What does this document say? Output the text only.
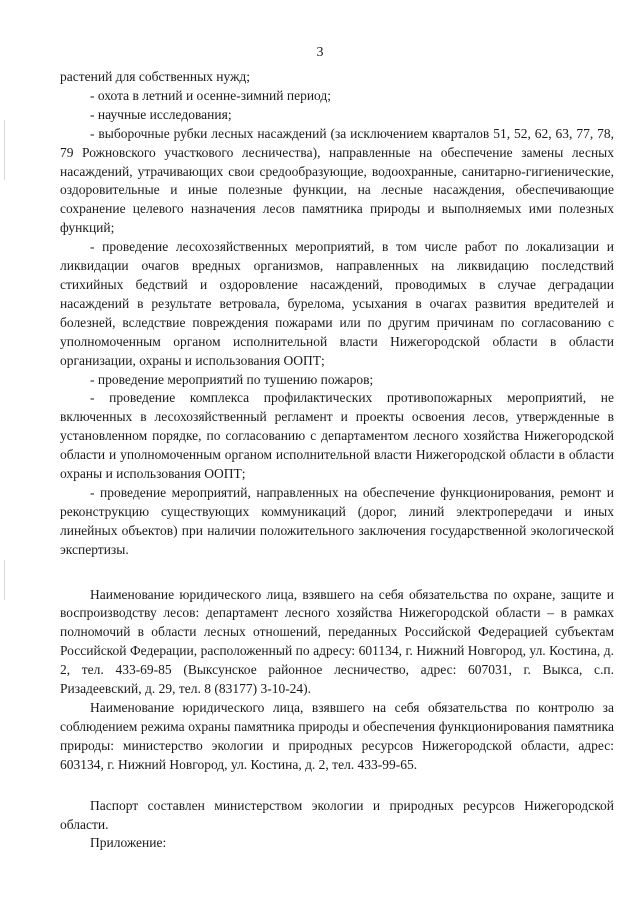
3

растений для собственных нужд;

- охота в летний и осенне-зимний период;

- научные исследования;

- выборочные рубки лесных насаждений (за исключением кварталов 51, 52, 62, 63, 77, 78, 79 Рожновского участкового лесничества), направленные на обеспечение замены лесных насаждений, утрачивающих свои средообразующие, водоохранные, санитарно-гигиенические, оздоровительные и иные полезные функции, на лесные насаждения, обеспечивающие сохранение целевого назначения лесов памятника природы и выполняемых ими полезных функций;

- проведение лесохозяйственных мероприятий, в том числе работ по локализации и ликвидации очагов вредных организмов, направленных на ликвидацию последствий стихийных бедствий и оздоровление насаждений, проводимых в случае деградации насаждений в результате ветровала, бурелома, усыхания в очагах развития вредителей и болезней, вследствие повреждения пожарами или по другим причинам по согласованию с уполномоченным органом исполнительной власти Нижегородской области в области организации, охраны и использования ООПТ;

- проведение мероприятий по тушению пожаров;

- проведение комплекса профилактических противопожарных мероприятий, не включенных в лесохозяйственный регламент и проекты освоения лесов, утвержденные в установленном порядке, по согласованию с департаментом лесного хозяйства Нижегородской области и уполномоченным органом исполнительной власти Нижегородской области в области охраны и использования ООПТ;

- проведение мероприятий, направленных на обеспечение функционирования, ремонт и реконструкцию существующих коммуникаций (дорог, линий электропередачи и иных линейных объектов) при наличии положительного заключения государственной экологической экспертизы.

Наименование юридического лица, взявшего на себя обязательства по охране, защите и воспроизводству лесов: департамент лесного хозяйства Нижегородской области – в рамках полномочий в области лесных отношений, переданных Российской Федерацией субъектам Российской Федерации, расположенный по адресу: 601134, г. Нижний Новгород, ул. Костина, д. 2, тел. 433-69-85 (Выксунское районное лесничество, адрес: 607031, г. Выкса, с.п. Ризадеевский, д. 29, тел. 8 (83177) 3-10-24).

Наименование юридического лица, взявшего на себя обязательства по контролю за соблюдением режима охраны памятника природы и обеспечения функционирования памятника природы: министерство экологии и природных ресурсов Нижегородской области, адрес: 603134, г. Нижний Новгород, ул. Костина, д. 2, тел. 433-99-65.

Паспорт составлен министерством экологии и природных ресурсов Нижегородской области.

Приложение:
